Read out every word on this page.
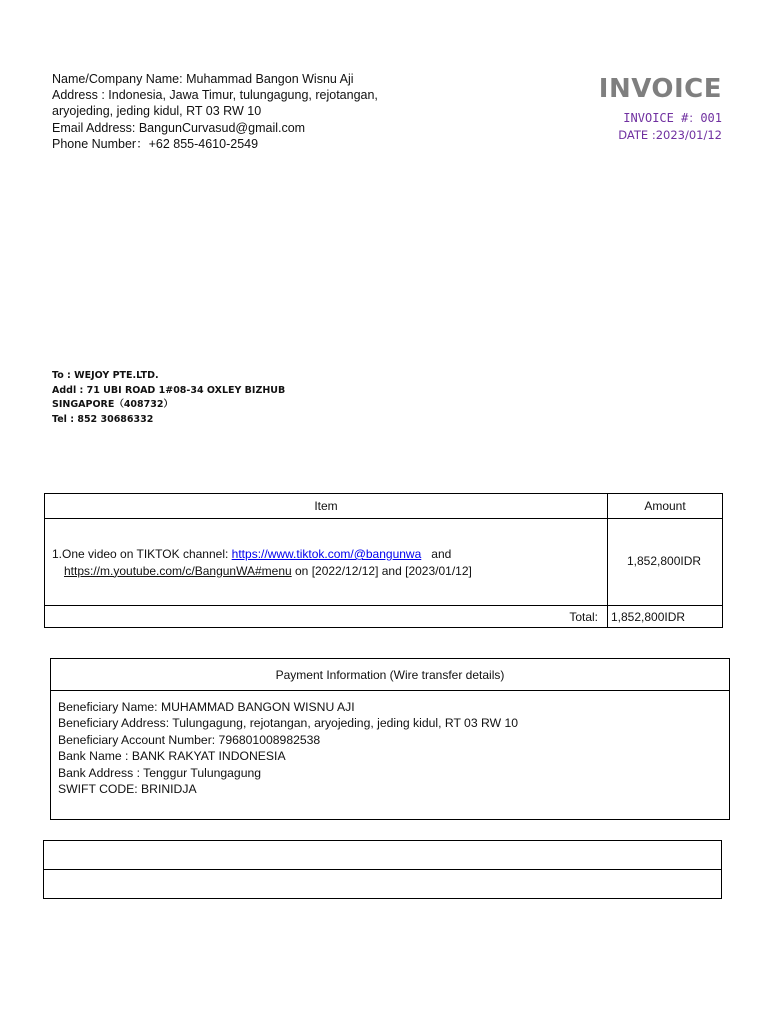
Name/Company Name: Muhammad Bangon Wisnu Aji
Address : Indonesia, Jawa Timur, tulungagung, rejotangan,
aryojeding, jeding kidul, RT 03 RW 10
Email Address: BangunCurvasud@gmail.com
Phone Number：+62 855-4610-2549
INVOICE
INVOICE #：001
DATE :2023/01/12
To : WEJOY PTE.LTD.
Addl : 71 UBI ROAD 1#08-34 OXLEY BIZHUB
SINGAPORE（408732）
Tel : 852 30686332
Item	Amount
1.One video on TIKTOK channel: https://www.tiktok.com/@bangunwa   and
https://m.youtube.com/c/BangunWA#menu on [2022/12/12] and [2023/01/12]
1,852,800IDR
Total: 1,852,800IDR
Payment Information (Wire transfer details)
Beneficiary Name: MUHAMMAD BANGON WISNU AJI
Beneficiary Address: Tulungagung, rejotangan, aryojeding, jeding kidul, RT 03 RW 10
Beneficiary Account Number: 796801008982538
Bank Name : BANK RAKYAT INDONESIA
Bank Address : Tenggur Tulungagung
SWIFT CODE: BRINIDJA
